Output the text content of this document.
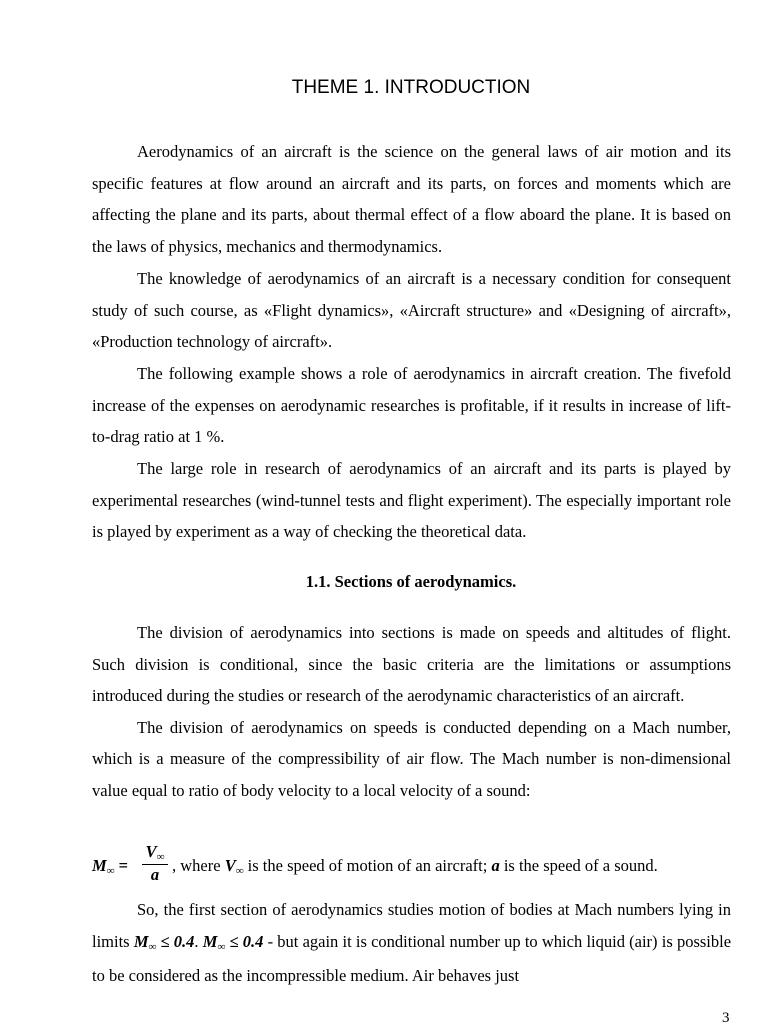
THEME 1. INTRODUCTION

Aerodynamics of an aircraft is the science on the general laws of air motion and its specific features at flow around an aircraft and its parts, on forces and moments which are affecting the plane and its parts, about thermal effect of a flow aboard the plane. It is based on the laws of physics, mechanics and thermodynamics.

The knowledge of aerodynamics of an aircraft is a necessary condition for consequent study of such course, as «Flight dynamics», «Aircraft structure» and «Designing of aircraft», «Production technology of aircraft».

The following example shows a role of aerodynamics in aircraft creation. The fivefold increase of the expenses on aerodynamic researches is profitable, if it results in increase of lift-to-drag ratio at 1 %.

The large role in research of aerodynamics of an aircraft and its parts is played by experimental researches (wind-tunnel tests and flight experiment). The especially important role is played by experiment as a way of checking the theoretical data.

1.1. Sections of aerodynamics.

The division of aerodynamics into sections is made on speeds and altitudes of flight. Such division is conditional, since the basic criteria are the limitations or assumptions introduced during the studies or research of the aerodynamic characteristics of an aircraft.

The division of aerodynamics on speeds is conducted depending on a Mach number, which is a measure of the compressibility of air flow. The Mach number is non-dimensional value equal to ratio of body velocity to a local velocity of a sound:

M∞ =
V∞
a , where V∞ is the speed of motion of an aircraft; a is the speed of a sound.

So, the first section of aerodynamics studies motion of bodies at Mach numbers lying in limits M∞ ≤ 0.4. M∞ ≤ 0.4 - but again it is conditional number up to which liquid (air) is possible to be considered as the incompressible medium. Air behaves just

3
